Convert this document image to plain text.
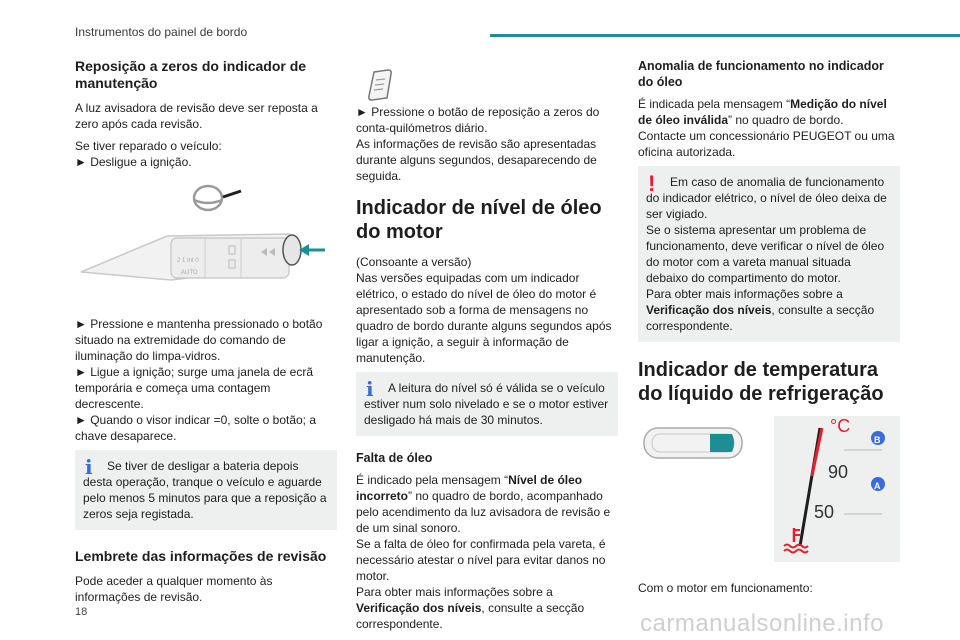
Instrumentos do painel de bordo
Reposição a zeros do indicador de manutenção

A luz avisadora de revisão deve ser reposta a zero após cada revisão.

Se tiver reparado o veículo:

► Desligue a ignição.

2 1 Int 0
AUTO

► Pressione e mantenha pressionado o botão situado na extremidade do comando de iluminação do limpa-vidros.

► Ligue a ignição; surge uma janela de ecrã temporária e começa uma contagem decrescente.

► Quando o visor indicar =0, solte o botão; a chave desaparece.

i	Se tiver de desligar a bateria depois desta operação, tranque o veículo e aguarde pelo menos 5 minutos para que a reposição a zeros seja registada.
Lembrete das informações de revisão

Pode aceder a qualquer momento às informações de revisão.

► Pressione o botão de reposição a zeros do conta-quilómetros diário.

As informações de revisão são apresentadas durante alguns segundos, desaparecendo de seguida.

Indicador de nível de óleo do motor

(Consoante a versão)

Nas versões equipadas com um indicador elétrico, o estado do nível de óleo do motor é apresentado sob a forma de mensagens no quadro de bordo durante alguns segundos após ligar a ignição, a seguir à informação de manutenção.

i	A leitura do nível só é válida se o veículo estiver num solo nivelado e se o motor estiver desligado há mais de 30 minutos.
Falta de óleo

É indicado pela mensagem “Nível de óleo incorreto” no quadro de bordo, acompanhado pelo acendimento da luz avisadora de revisão e de um sinal sonoro.

Se a falta de óleo for confirmada pela vareta, é necessário atestar o nível para evitar danos no motor.

Para obter mais informações sobre a Verificação dos níveis, consulte a secção correspondente.

Anomalia de funcionamento no indicador do óleo

É indicada pela mensagem “Medição do nível de óleo inválida” no quadro de bordo.

Contacte um concessionário PEUGEOT ou uma oficina autorizada.

!	Em caso de anomalia de funcionamento do indicador elétrico, o nível de óleo deixa de ser vigiado.
Se o sistema apresentar um problema de funcionamento, deve verificar o nível de óleo do motor com a vareta manual situada debaixo do compartimento do motor.
Para obter mais informações sobre a Verificação dos níveis, consulte a secção correspondente.
Indicador de temperatura do líquido de refrigeração
°C
90
50
B
A

Com o motor em funcionamento:

18	carmanualsonline.info
